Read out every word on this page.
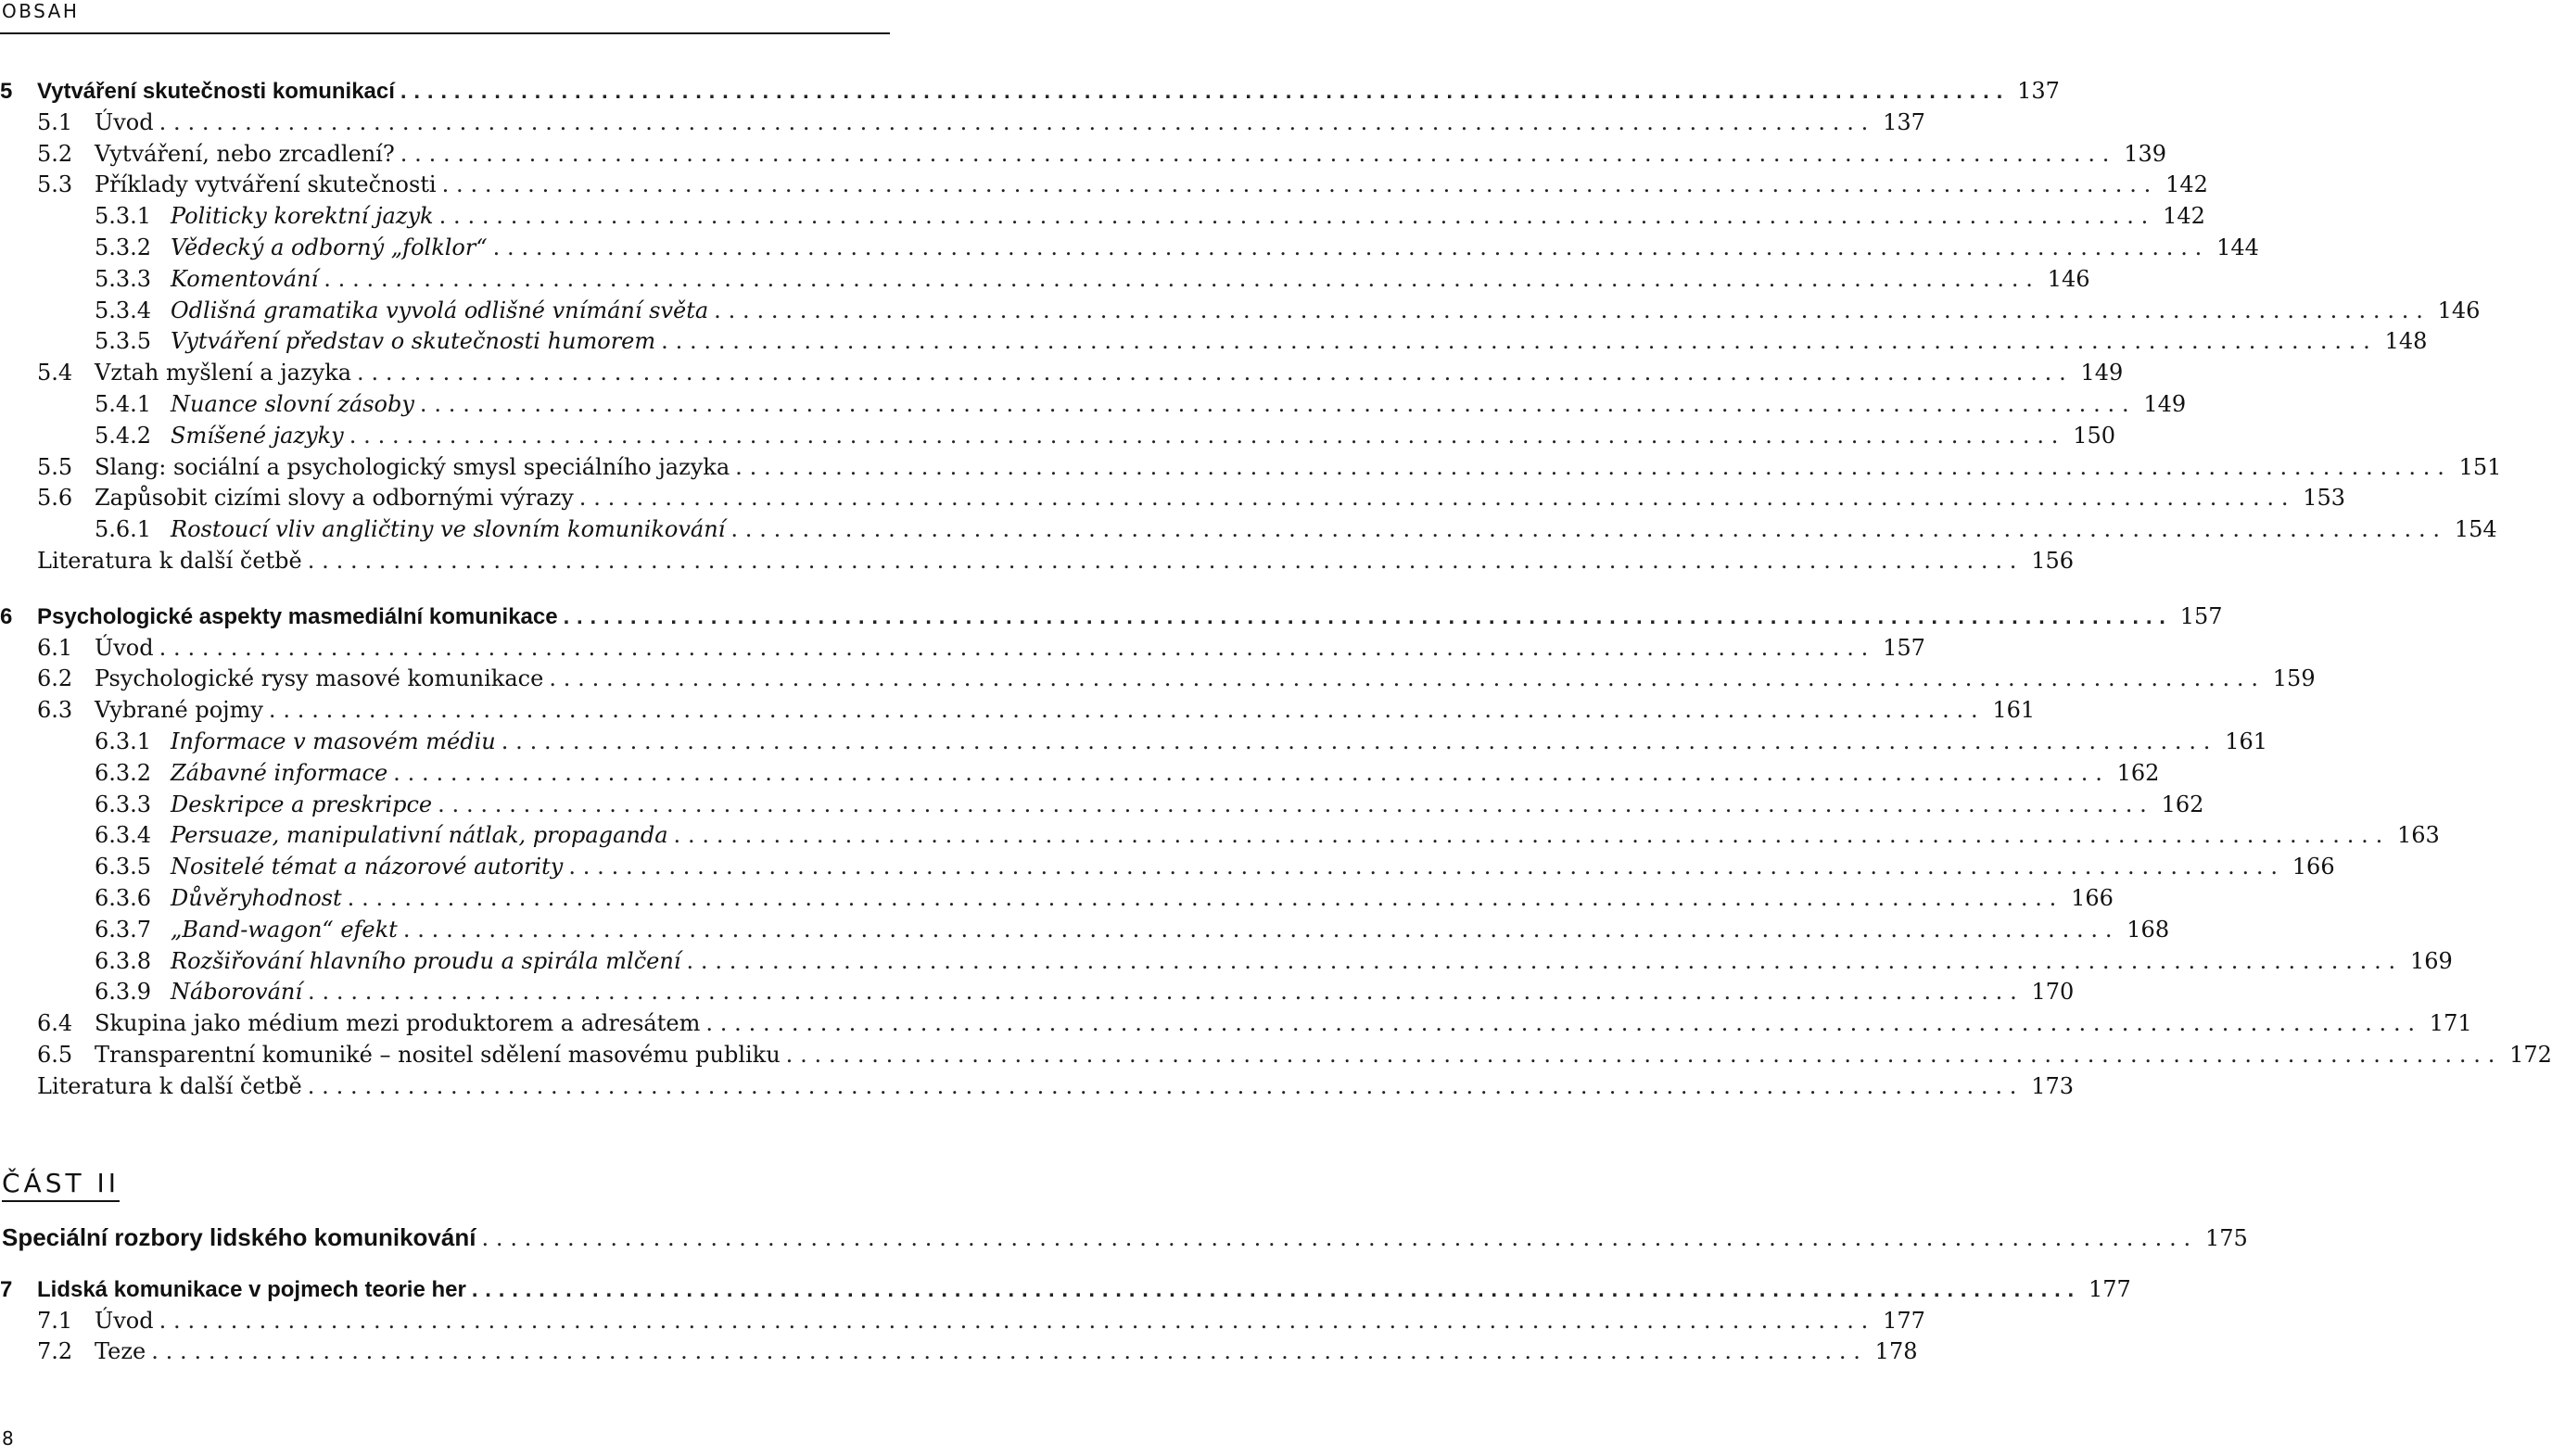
OBSAH
5	Vytváření skutečnosti komunikací ........................................................................................................................ 137
5.1 Úvod ........................................................................................................................ 137
5.2 Vytváření, nebo zrcadlení? ........................................................................................................................ 139
5.3 Příklady vytváření skutečnosti ........................................................................................................................ 142
5.3.1 Politicky korektní jazyk ........................................................................................................................ 142
5.3.2 Vědecký a odborný „folklor“ ........................................................................................................................ 144
5.3.3 Komentování ........................................................................................................................ 146
5.3.4 Odlišná gramatika vyvolá odlišné vnímání světa ........................................................................................................................ 146
5.3.5 Vytváření představ o skutečnosti humorem ........................................................................................................................ 148
5.4 Vztah myšlení a jazyka ........................................................................................................................ 149
5.4.1 Nuance slovní zásoby ........................................................................................................................ 149
5.4.2 Smíšené jazyky ........................................................................................................................ 150
5.5 Slang: sociální a psychologický smysl speciálního jazyka ........................................................................................................................ 151
5.6 Zapůsobit cizími slovy a odbornými výrazy ........................................................................................................................ 153
5.6.1 Rostoucí vliv angličtiny ve slovním komunikování ........................................................................................................................ 154
Literatura k další četbě ........................................................................................................................ 156
6	Psychologické aspekty masmediální komunikace ........................................................................................................................ 157
6.1 Úvod ........................................................................................................................ 157
6.2 Psychologické rysy masové komunikace ........................................................................................................................ 159
6.3 Vybrané pojmy ........................................................................................................................ 161
6.3.1 Informace v masovém médiu ........................................................................................................................ 161
6.3.2 Zábavné informace ........................................................................................................................ 162
6.3.3 Deskripce a preskripce ........................................................................................................................ 162
6.3.4 Persuaze, manipulativní nátlak, propaganda ........................................................................................................................ 163
6.3.5 Nositelé témat a názorové autority ........................................................................................................................ 166
6.3.6 Důvěryhodnost ........................................................................................................................ 166
6.3.7 „Band-wagon“ efekt ........................................................................................................................ 168
6.3.8 Rozšiřování hlavního proudu a spirála mlčení ........................................................................................................................ 169
6.3.9 Náborování ........................................................................................................................ 170
6.4 Skupina jako médium mezi produktorem a adresátem ........................................................................................................................ 171
6.5 Transparentní komuniké – nositel sdělení masovému publiku ........................................................................................................................ 172
Literatura k další četbě ........................................................................................................................ 173
ČÁST II
Speciální rozbory lidského komunikování ........................................................................................................................ 175
7	Lidská komunikace v pojmech teorie her ........................................................................................................................ 177
7.1 Úvod ........................................................................................................................ 177
7.2 Teze ........................................................................................................................ 178
8
